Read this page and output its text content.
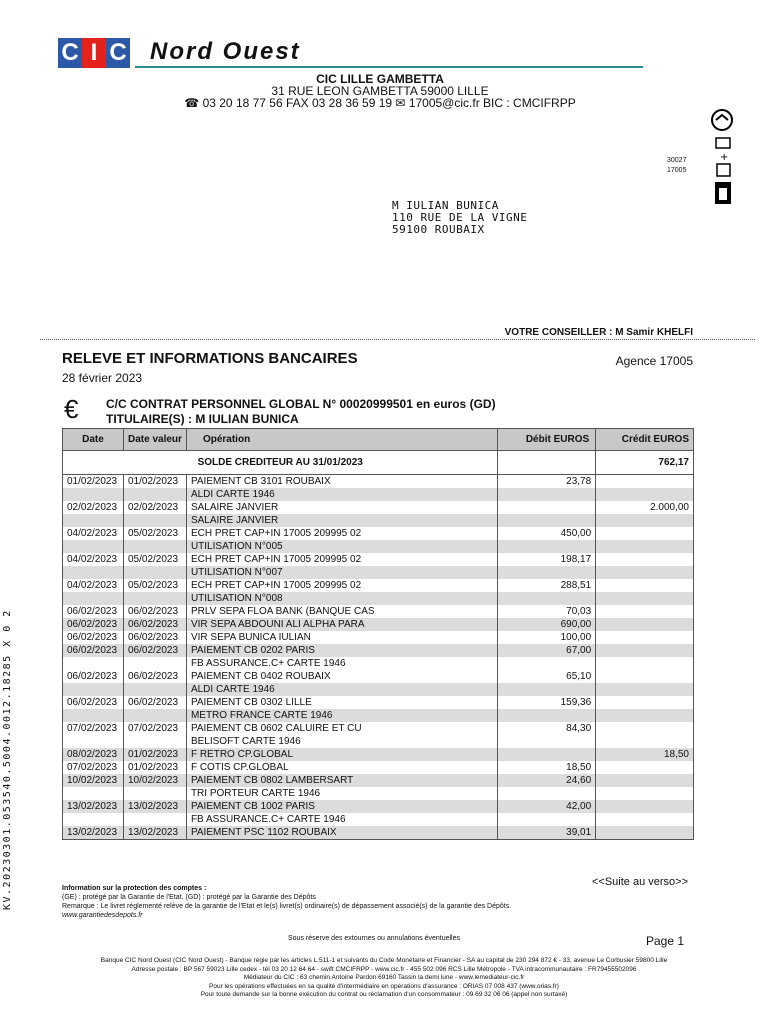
C I C Nord Ouest
CIC LILLE GAMBETTA
31 RUE LEON GAMBETTA 59000 LILLE
☎ 03 20 18 77 56 FAX 03 28 36 59 19 ✉ 17005@cic.fr BIC : CMCIFRPP
+
30027
17005
M IULIAN BUNICA
110 RUE DE LA VIGNE
59100 ROUBAIX
VOTRE CONSEILLER : M Samir KHELFI
RELEVE ET INFORMATIONS BANCAIRES	Agence 17005
28 février 2023
€ C/C CONTRAT PERSONNEL GLOBAL N° 00020999501 en euros (GD)
TITULAIRE(S) : M IULIAN BUNICA
Date	Date valeur	Opération	Débit EUROS	Crédit EUROS
SOLDE CREDITEUR AU 31/01/2023				762,17
01/02/2023	01/02/2023	PAIEMENT CB 3101 ROUBAIX	23,78	
		ALDI CARTE 1946		
02/02/2023	02/02/2023	SALAIRE JANVIER		2.000,00
		SALAIRE JANVIER		
04/02/2023	05/02/2023	ECH PRET CAP+IN 17005 209995 02	450,00	
		UTILISATION N°005		
04/02/2023	05/02/2023	ECH PRET CAP+IN 17005 209995 02	198,17	
		UTILISATION N°007		
04/02/2023	05/02/2023	ECH PRET CAP+IN 17005 209995 02	288,51	
		UTILISATION N°008		
06/02/2023	06/02/2023	PRLV SEPA FLOA BANK (BANQUE CAS	70,03	
06/02/2023	06/02/2023	VIR SEPA ABDOUNI ALI ALPHA PARA	690,00	
06/02/2023	06/02/2023	VIR SEPA BUNICA IULIAN	100,00	
06/02/2023	06/02/2023	PAIEMENT CB 0202 PARIS	67,00	
		FB ASSURANCE.C+ CARTE 1946		
06/02/2023	06/02/2023	PAIEMENT CB 0402 ROUBAIX	65,10	
		ALDI CARTE 1946		
06/02/2023	06/02/2023	PAIEMENT CB 0302 LILLE	159,36	
		METRO FRANCE CARTE 1946		
07/02/2023	07/02/2023	PAIEMENT CB 0602 CALUIRE ET CU	84,30	
		BELISOFT CARTE 1946		
08/02/2023	01/02/2023	F RETRO CP.GLOBAL		18,50
07/02/2023	01/02/2023	F COTIS CP.GLOBAL	18,50	
10/02/2023	10/02/2023	PAIEMENT CB 0802 LAMBERSART	24,60	
		TRI PORTEUR CARTE 1946		
13/02/2023	13/02/2023	PAIEMENT CB 1002 PARIS	42,00	
		FB ASSURANCE.C+ CARTE 1946		
13/02/2023	13/02/2023	PAIEMENT PSC 1102 ROUBAIX	39,01	
<<Suite au verso>>
Information sur la protection des comptes :
(GE) : protégé par la Garantie de l'Etat. (GD) : protégé par la Garantie des Dépôts
Remarque : Le livret réglementé relève de la garantie de l'Etat et le(s) livret(s) ordinaire(s) de dépassement associé(s) de la garantie des Dépôts.
www.garantiedesdepots.fr
Sous réserve des extournes ou annulations éventuelles	Page 1
Banque CIC Nord Ouest (CIC Nord Ouest) - Banque régie par les articles L.511-1 et suivants du Code Monétaire et Financier - SA au capital de 230 294 872 € - 33, avenue Le Corbusier 59800 Lille
Adresse postale : BP 567 59023 Lille cedex - tél 03 20 12 64 64 - swift CMCIFRPP - www.cic.fr - 455 502 096 RCS Lille Métropole - TVA intracommunautaire : FR79455502096
Médiateur du CIC : 63 chemin Antoine Pardon 69160 Tassin la demi lune - www.lemediateur-cic.fr
Pour les opérations effectuées en sa qualité d'intermédiaire en opérations d'assurance : ORIAS 07 008 437 (www.orias.fr)
Pour toute demande sur la bonne exécution du contrat ou réclamation d'un consommateur : 09 69 32 06 06 (appel non surtaxé)
KV.20230301.053540.5004.0012.18285 X 0 2
